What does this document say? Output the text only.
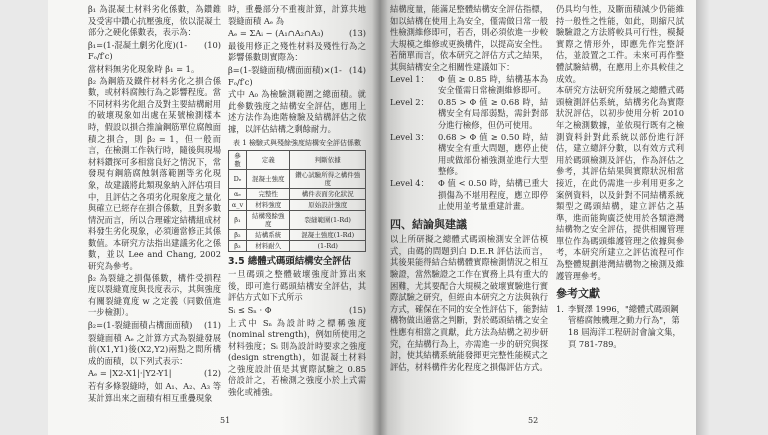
β₁ 為混凝土材料劣化係數，為鑽錐及受害中鑽心抗壓強度，依以混凝土部分之硬化係數表，表示為：

β₁=(1-混凝土劇劣化度)(1-Fₒ/f′c)
(10)

當材料無劣化現象時 β₁ = 1。

β₂ 為鋼筋及鐵件材料劣化之損合係數，或材料腐蝕行為之影響程度。當不同材料劣化組合及對主要結構耐用的破壞現象如出處在某號檢測樣本時，假設以損合推論鋼筋單位腐蝕面積之損合，則 β₂ = 1，但一般而言，在檢測工作執行時，隨後與現場材料鑽探可多相當良好之情況下，常發現有鋼筋腐蝕剝落範圍等劣化現象，故建議將此類現象納入評估項目中，且評估之各項劣化現象度之量化與確立已經存在損合係數，且對多數情況而言，所以合理確定結構組成材料發生劣化現象，必須適當修正其係數值。本研究方法指出建議劣化之係數，並以 Lee and Chang, 2002 研究為參考。

β₂ 為裂縫之損傷係數，構件受損程度以裂縫寬度與長度表示，其與強度有關裂縫寬度 w 之定義（同數值進一步檢測）。

β₂=(1-裂縫面積占構面面積) (11)

裂縫面積 Aₑ 之計算方式為裂縫發展前(X1,Y1)後(X2,Y2)兩點之間所構成的面積，以下列式表示：

Aₑ = |X2-X1|·|Y2-Y1|	(12)

若有多條裂縫時，如 A₁、A₂、A₃ 等某計算出來之面積有相互重疊現象

時，重疊部分不重複計算，計算共地裂縫面積 Aₑ 為

Aₑ = ΣAᵢ − (A₁∩A₂∩A₃)	(13)

最後用修正之殘性材料及殘性行為之影響係數則實際為：

β=(1-裂縫面積/構面面積)×(1-Fₒ/f′c)
(14)

式中 A₀ 為檢驗測範圍之總面積。就此參數強度之結構安全評估，應用上述方法作為進階檢驗及結構評估之依據，以評估結構之剩餘耐力。

表 1 檢驗式與殘餘強度結構安全評估係數
參數	定義	判斷依據
Dₑ	混凝土強度	鑽心試驗所得之構件強度
αₑ	完整性	構件表面劣化狀況
α_v	材料強度	原始設計強度
β₁	結構殘餘強度	裂縫範圍(1-Rd)
β₂	結構系統	混凝土強度(1-Rd)
β₃	材料耐久	(1-Rd)
3.5 總體式碼頭結構安全評估

一旦碼頭之整體破壞強度計算出來後，即可進行碼頭結構安全評估，其評估方式如下式所示

Sᵢ ≤ Sₙ · Φ	(15)

上式中 Sₙ 為設計時之標稱強度 (nominal strength)，例如所使用之材料強度；Sᵢ 則為設計時要求之強度 (design strength)，如混凝土材料之強度設計值是其實際試驗之 0.85 倍設計之，若檢測之強度小於上式需強化或補強。

51

結構度量，能滿足整體結構安全評估指標，如以結構在使用上為安全，僅需做日常一般性檢測維修即可，若否，則必須依進一步較大規模之維修或更換構件，以提高安全性。

若簡單而言，依本研究之評估方式之結果，其與結構安全之相關性建議如下：

Level 1：	Φ 值 ≥ 0.85 時，結構基本為安全僅需日常檢測維修即可。
Level 2：	0.85 > Φ 值 ≥ 0.68 時，結構安全有局部弱點，需針對部分進行檢修，但仍可使用。
Level 3：	0.68 > Φ 值 ≥ 0.50 時，結構安全有重大問題，應停止使用或做部份補強測並進行大型整修。
Level 4：	Φ 值 < 0.50 時，結構已重大損傷為不堪用程度，應立即停止使用並考量重建計畫。
四、結論與建議

以上所研擬之總體式碼頭檢測安全評估模式，由碼的問題到白 D.E.R 評估法而言，其後果能得結合結構體實際檢測情況之相互驗證，當然驗證之工作在實務上具有重大的困難，尤其要配合大規模之破壞實驗進行實際試驗之研究，但經由本研究之方法與執行方式，確保在不同的安全性評估下，能對結構物做出適當之判斷，對於碼頭結構之安全性應有相當之貢獻，此方法為結構之初步研究，在結構行為上，亦需進一步的研究與探討，使其結構系統能發揮更完整性能模式之評估，材料構件劣化程度之損傷評估方式。

仍具均勻性，及斷面積減少仍能維持一般性之性能，如此，則縮尺試驗驗證之方法將較具可行性，模擬實際之情形外，即應先作完整評估，並設置之工件。未來可再作整體試驗結構，在應用上亦具較佳之成效。

本研究方法研究所發展之總體式碼頭檢測評估系統，結構劣化為實際狀況評估，以初步使用分析 2010 年之檢測數據，並依現行既有之檢測資料針對此系統以部份進行評估，建立總評分數，以有效方式利用於碼頭檢測及評估，作為評估之參考，其評估結果與實際狀況相當接近，在此仍需進一步利用更多之案例資料，以及針對不同結構系統類型之碼頭結構，建立評估之基準，進而能夠廣泛使用於各類港灣結構物之安全評估，提供相關管理單位作為碼頭維護管理之依據與參考，本研究所建立之評估流程可作為整體規劃港灣結構物之檢測及維護管理參考。

參考文獻
1. 李賢澤 1996，"總體式碼頭鋼管樁腐蝕機理之動力行為"，第 18 屆海洋工程研討會論文集，頁 781-789。
52
